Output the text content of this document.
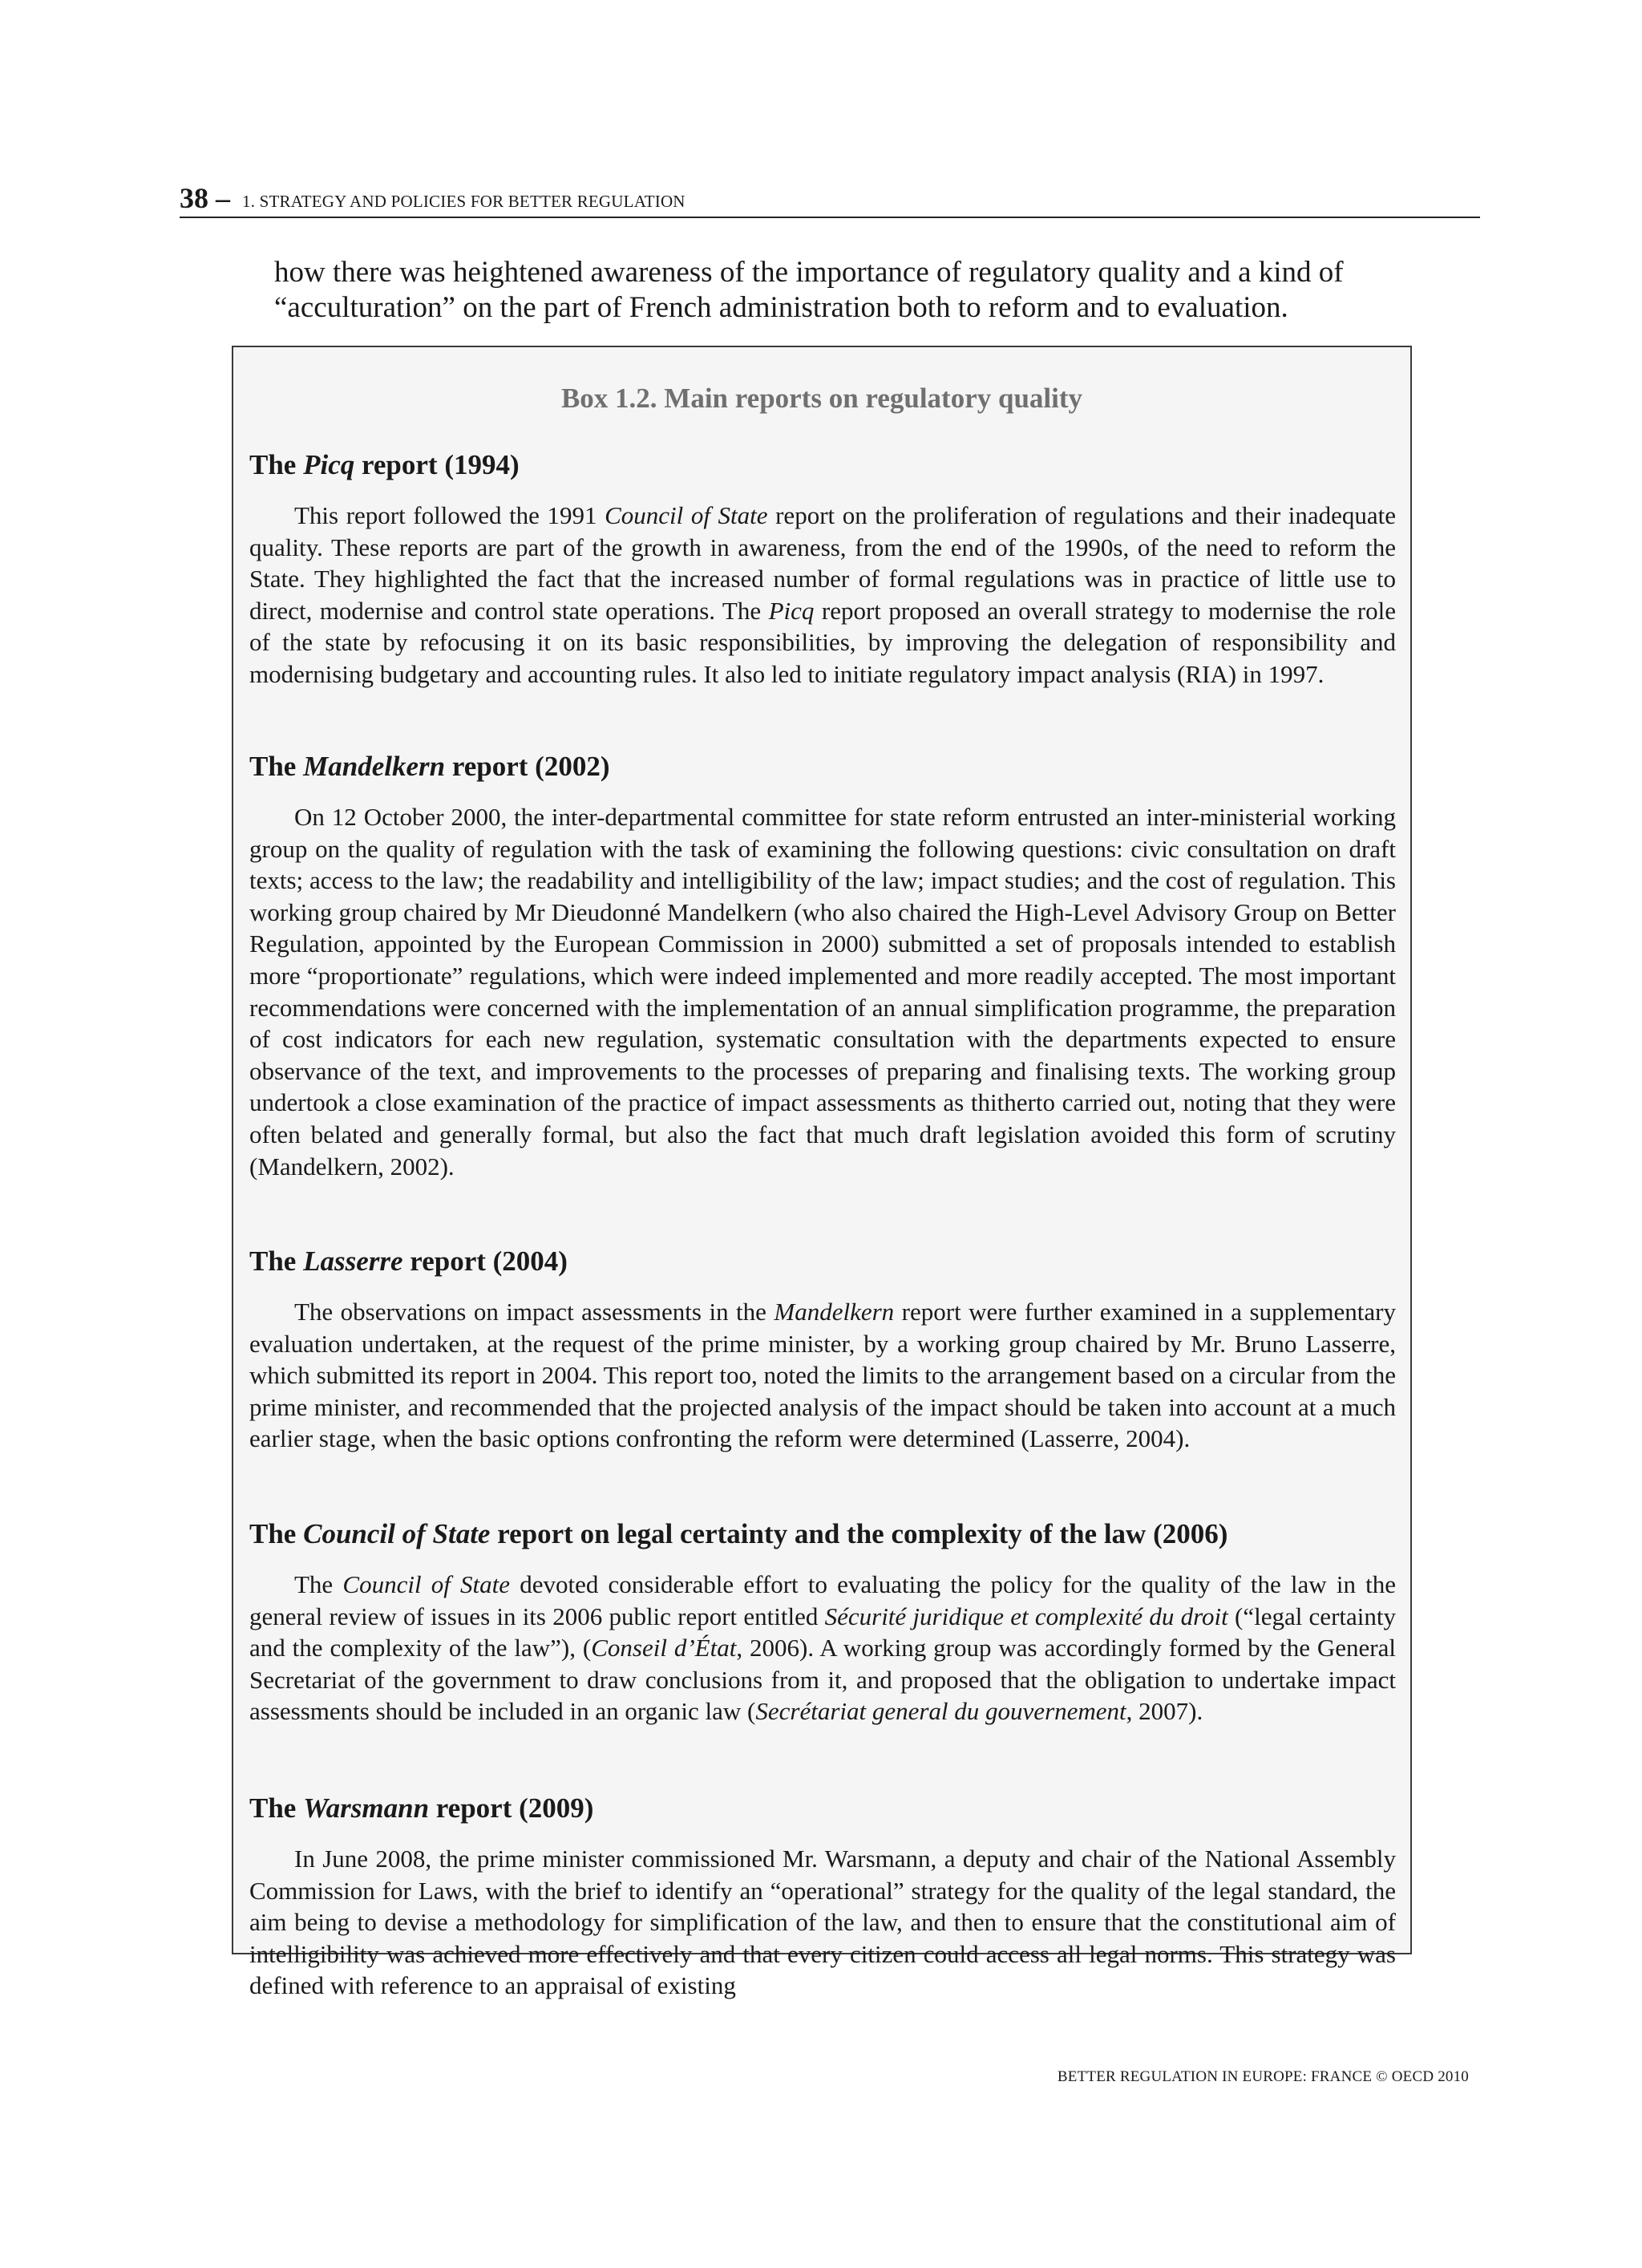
38 – 1. STRATEGY AND POLICIES FOR BETTER REGULATION

how there was heightened awareness of the importance of regulatory quality and a kind of “acculturation” on the part of French administration both to reform and to evaluation.

Box 1.2. Main reports on regulatory quality
The Picq report (1994)

This report followed the 1991 Council of State report on the proliferation of regulations and their inadequate quality. These reports are part of the growth in awareness, from the end of the 1990s, of the need to reform the State. They highlighted the fact that the increased number of formal regulations was in practice of little use to direct, modernise and control state operations. The Picq report proposed an overall strategy to modernise the role of the state by refocusing it on its basic responsibilities, by improving the delegation of responsibility and modernising budgetary and accounting rules. It also led to initiate regulatory impact analysis (RIA) in 1997.

The Mandelkern report (2002)

On 12 October 2000, the inter-departmental committee for state reform entrusted an inter-ministerial working group on the quality of regulation with the task of examining the following questions: civic consultation on draft texts; access to the law; the readability and intelligibility of the law; impact studies; and the cost of regulation. This working group chaired by Mr Dieudonné Mandelkern (who also chaired the High-Level Advisory Group on Better Regulation, appointed by the European Commission in 2000) submitted a set of proposals intended to establish more “proportionate” regulations, which were indeed implemented and more readily accepted. The most important recommendations were concerned with the implementation of an annual simplification programme, the preparation of cost indicators for each new regulation, systematic consultation with the departments expected to ensure observance of the text, and improvements to the processes of preparing and finalising texts. The working group undertook a close examination of the practice of impact assessments as thitherto carried out, noting that they were often belated and generally formal, but also the fact that much draft legislation avoided this form of scrutiny (Mandelkern, 2002).

The Lasserre report (2004)

The observations on impact assessments in the Mandelkern report were further examined in a supplementary evaluation undertaken, at the request of the prime minister, by a working group chaired by Mr. Bruno Lasserre, which submitted its report in 2004. This report too, noted the limits to the arrangement based on a circular from the prime minister, and recommended that the projected analysis of the impact should be taken into account at a much earlier stage, when the basic options confronting the reform were determined (Lasserre, 2004).

The Council of State report on legal certainty and the complexity of the law (2006)

The Council of State devoted considerable effort to evaluating the policy for the quality of the law in the general review of issues in its 2006 public report entitled Sécurité juridique et complexité du droit (“legal certainty and the complexity of the law”), (Conseil d’État, 2006). A working group was accordingly formed by the General Secretariat of the government to draw conclusions from it, and proposed that the obligation to undertake impact assessments should be included in an organic law (Secrétariat general du gouvernement, 2007).

The Warsmann report (2009)

In June 2008, the prime minister commissioned Mr. Warsmann, a deputy and chair of the National Assembly Commission for Laws, with the brief to identify an “operational” strategy for the quality of the legal standard, the aim being to devise a methodology for simplification of the law, and then to ensure that the constitutional aim of intelligibility was achieved more effectively and that every citizen could access all legal norms. This strategy was defined with reference to an appraisal of existing

BETTER REGULATION IN EUROPE: FRANCE © OECD 2010
